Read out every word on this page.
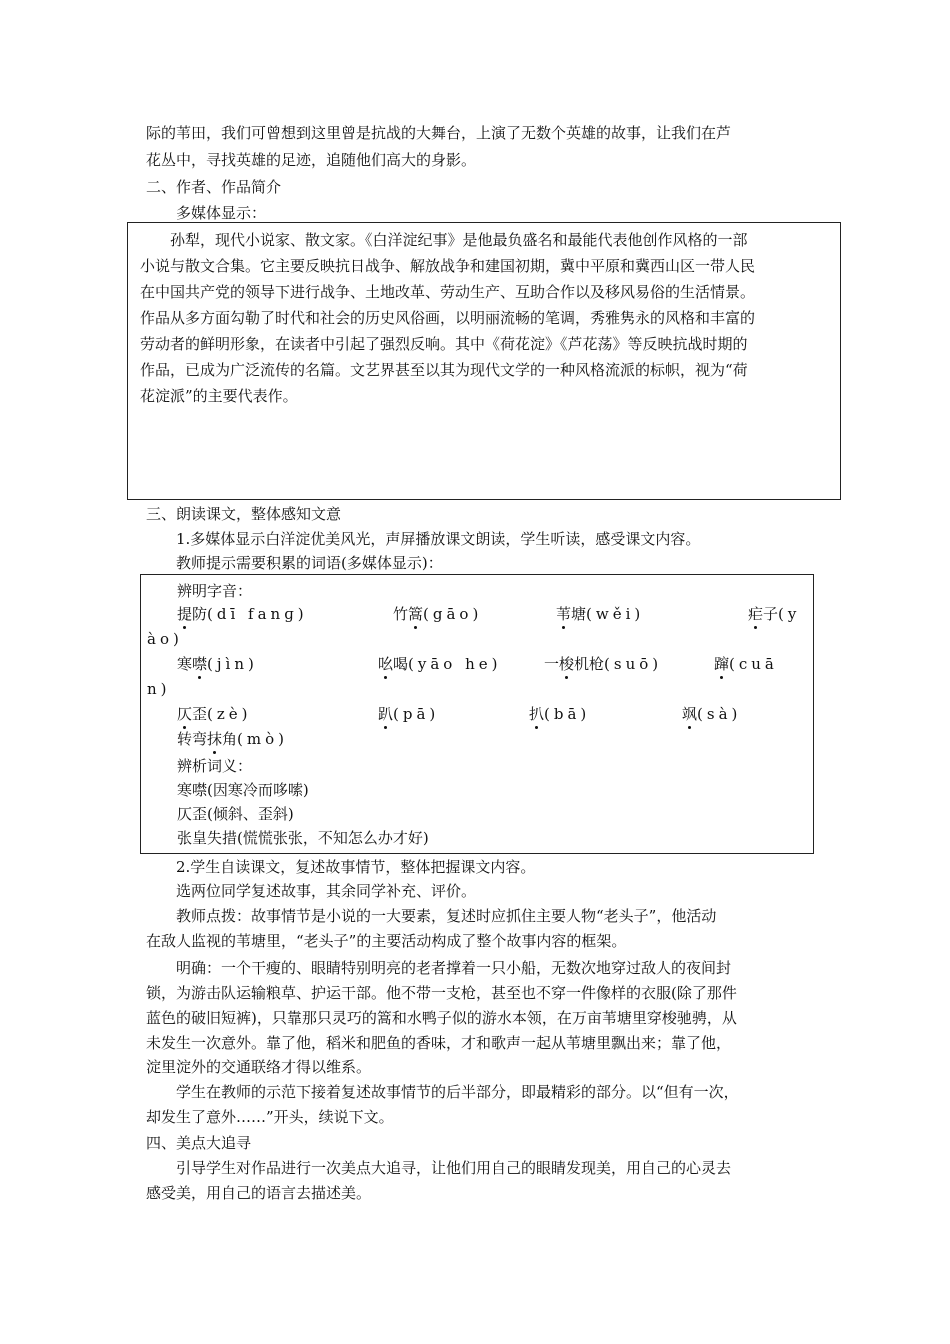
际的苇田，我们可曾想到这里曾是抗战的大舞台，上演了无数个英雄的故事，让我们在芦
花丛中，寻找英雄的足迹，追随他们高大的身影。
二、作者、作品简介
多媒体显示：
孙犁，现代小说家、散文家。《白洋淀纪事》是他最负盛名和最能代表他创作风格的一部
小说与散文合集。它主要反映抗日战争、解放战争和建国初期，冀中平原和冀西山区一带人民
在中国共产党的领导下进行战争、土地改革、劳动生产、互助合作以及移风易俗的生活情景。
作品从多方面勾勒了时代和社会的历史风俗画，以明丽流畅的笔调，秀雅隽永的风格和丰富的
劳动者的鲜明形象，在读者中引起了强烈反响。其中《荷花淀》《芦花荡》等反映抗战时期的
作品，已成为广泛流传的名篇。文艺界甚至以其为现代文学的一种风格流派的标帜，视为“荷
花淀派”的主要代表作。
三、朗读课文，整体感知文意
1.多媒体显示白洋淀优美风光，声屏播放课文朗读，学生听读，感受课文内容。
教师提示需要积累的词语(多媒体显示)：
辨明字音：
提防(dī fanɡ)	竹篙(gāo)	苇塘(wěi)	疟子(y
ào)
寒噤(jìn)	吆喝(yāo he)	一梭机枪(suō)	蹿(cuā
n)
仄歪(zè)	趴(pā)	扒(bā)	飒(sà)
转弯抹角(mò)
辨析词义：
寒噤(因寒冷而哆嗦)
仄歪(倾斜、歪斜)
张皇失措(慌慌张张，不知怎么办才好)
2.学生自读课文，复述故事情节，整体把握课文内容。
选两位同学复述故事，其余同学补充、评价。
教师点拨：故事情节是小说的一大要素，复述时应抓住主要人物“老头子”，他活动
在敌人监视的苇塘里，“老头子”的主要活动构成了整个故事内容的框架。
明确：一个干瘦的、眼睛特别明亮的老者撑着一只小船，无数次地穿过敌人的夜间封
锁，为游击队运输粮草、护运干部。他不带一支枪，甚至也不穿一件像样的衣服(除了那件
蓝色的破旧短裤)，只靠那只灵巧的篙和水鸭子似的游水本领，在万亩苇塘里穿梭驰骋，从
未发生一次意外。靠了他，稻米和肥鱼的香味，才和歌声一起从苇塘里飘出来；靠了他，
淀里淀外的交通联络才得以维系。
学生在教师的示范下接着复述故事情节的后半部分，即最精彩的部分。以“但有一次，
却发生了意外……”开头，续说下文。
四、美点大追寻
引导学生对作品进行一次美点大追寻，让他们用自己的眼睛发现美，用自己的心灵去
感受美，用自己的语言去描述美。
